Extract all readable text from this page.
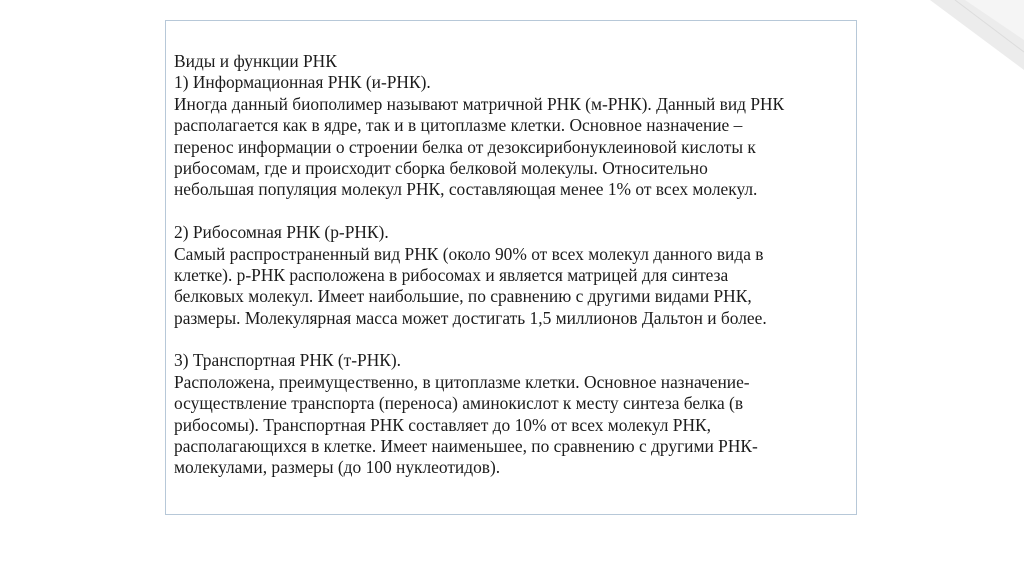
Виды и функции РНК
1) Информационная РНК (и-РНК).
Иногда данный биополимер называют матричной РНК (м-РНК). Данный вид РНК
располагается как в ядре, так и в цитоплазме клетки. Основное назначение –
перенос информации о строении белка от дезоксирибонуклеиновой кислоты к
рибосомам, где и происходит сборка белковой молекулы. Относительно
небольшая популяция молекул РНК, составляющая менее 1% от всех молекул.
2) Рибосомная РНК (р-РНК).
Самый распространенный вид РНК (около 90% от всех молекул данного вида в
клетке). р-РНК расположена в рибосомах и является матрицей для синтеза
белковых молекул. Имеет наибольшие, по сравнению с другими видами РНК,
размеры. Молекулярная масса может достигать 1,5 миллионов Дальтон и более.
3) Транспортная РНК (т-РНК).
Расположена, преимущественно, в цитоплазме клетки. Основное назначение-
осуществление транспорта (переноса) аминокислот к месту синтеза белка (в
рибосомы). Транспортная РНК составляет до 10% от всех молекул РНК,
располагающихся в клетке. Имеет наименьшее, по сравнению с другими РНК-
молекулами, размеры (до 100 нуклеотидов).
